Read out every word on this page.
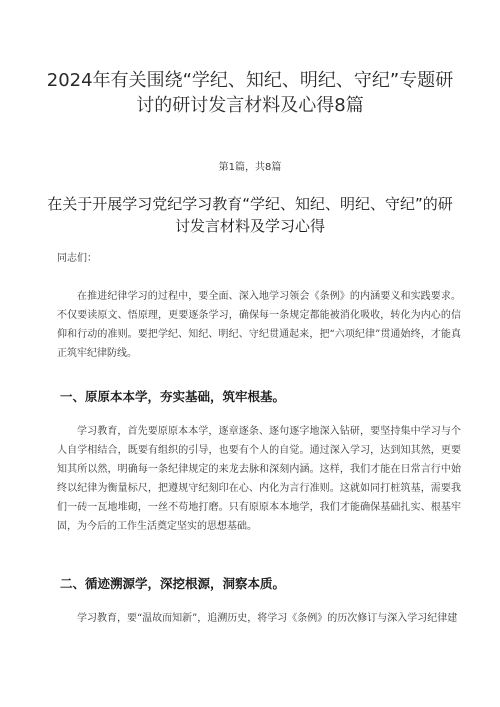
2024年有关围绕“学纪、知纪、明纪、守纪”专题研讨的研讨发言材料及心得8篇
第1篇，共8篇
在关于开展学习党纪学习教育“学纪、知纪、明纪、守纪”的研讨发言材料及学习心得

同志们：

在推进纪律学习的过程中，要全面、深入地学习领会《条例》的内涵要义和实践要求。不仅要读原文、悟原理，更要逐条学习，确保每一条规定都能被消化吸收，转化为内心的信仰和行动的准则。要把学纪、知纪、明纪、守纪贯通起来，把“六项纪律”贯通始终，才能真正筑牢纪律防线。

一、原原本本学，夯实基础，筑牢根基。

学习教育，首先要原原本本学，逐章逐条、逐句逐字地深入钻研，要坚持集中学习与个人自学相结合，既要有组织的引导，也要有个人的自觉。通过深入学习，达到知其然，更要知其所以然，明确每一条纪律规定的来龙去脉和深刻内涵。这样，我们才能在日常言行中始终以纪律为衡量标尺，把遵规守纪刻印在心、内化为言行准则。这就如同打桩筑基，需要我们一砖一瓦地堆砌，一丝不苟地打磨。只有原原本本地学，我们才能确保基础扎实、根基牢固，为今后的工作生活奠定坚实的思想基础。

二、循迹溯源学，深挖根源，洞察本质。

学习教育，要“温故而知新”，追溯历史，将学习《条例》的历次修订与深入学习纪律建
